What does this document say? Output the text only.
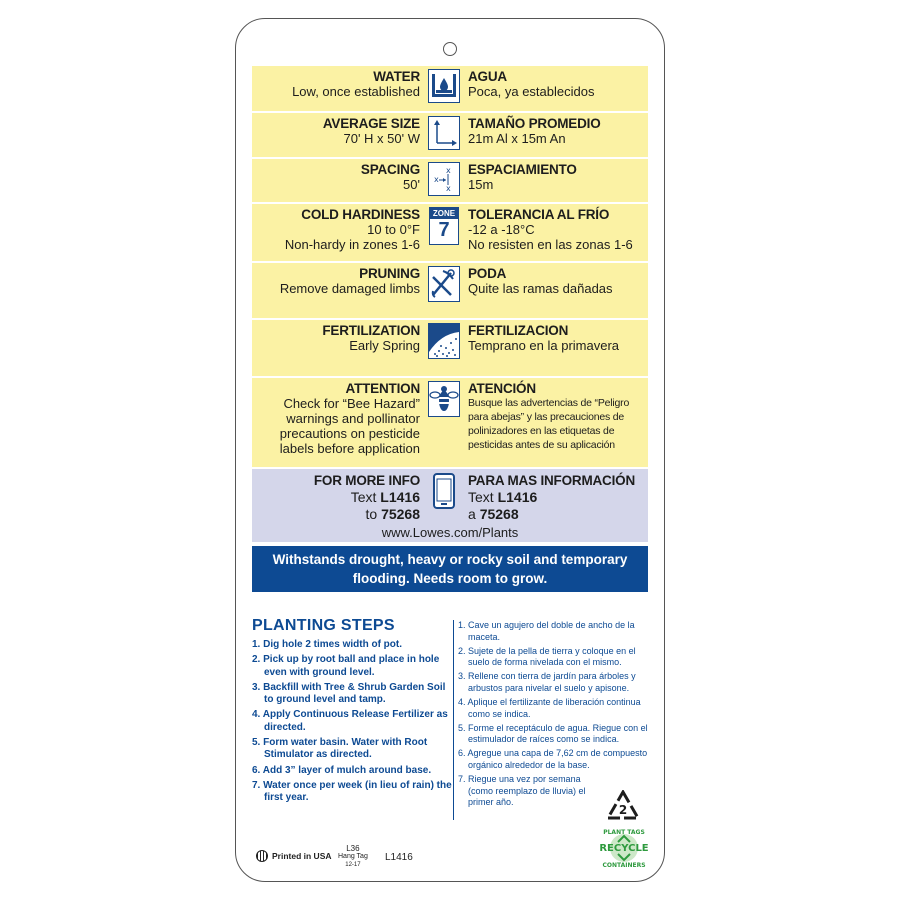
WATER
Low, once established
AGUA
Poca, ya establecidos
AVERAGE SIZE
70' H x 50' W
TAMAÑO PROMEDIO
21m Al x 15m An
SPACING
50'
x
x
x
ESPACIAMIENTO
15m
COLD HARDINESS
10 to 0°F
Non-hardy in zones 1-6
ZONE
7
TOLERANCIA AL FRÍO
-12 a -18°C
No resisten en las zonas 1-6
PRUNING
Remove damaged limbs
PODA
Quite las ramas dañadas
FERTILIZATION
Early Spring
FERTILIZACION
Temprano en la primavera
ATTENTION
Check for “Bee Hazard”
warnings and pollinator
precautions on pesticide
labels before application
ATENCIÓN
Busque las advertencias de “Peligro
para abejas” y las precauciones de
polinizadores en las etiquetas de
pesticidas antes de su aplicación
FOR MORE INFO
Text L1416
to 75268
PARA MAS INFORMACIÓN
Text L1416
a 75268
www.Lowes.com/Plants
Withstands drought, heavy or rocky soil and temporary
flooding. Needs room to grow.
PLANTING STEPS
1. Dig hole 2 times width of pot.
2. Pick up by root ball and place in hole even with ground level.
3. Backfill with Tree & Shrub Garden Soil to ground level and tamp.
4. Apply Continuous Release Fertilizer as directed.
5. Form water basin. Water with Root Stimulator as directed.
6. Add 3” layer of mulch around base.
7. Water once per week (in lieu of rain) the first year.
1. Cave un agujero del doble de ancho de la maceta.
2. Sujete de la pella de tierra y coloque en el suelo de forma nivelada con el mismo.
3. Rellene con tierra de jardín para árboles y arbustos para nivelar el suelo y apisone.
4. Aplique el fertilizante de liberación continua como se indica.
5. Forme el receptáculo de agua. Riegue con el estimulador de raíces como se indica.
6. Agregue una capa de 7,62 cm de compuesto orgánico alrededor de la base.
7. Riegue una vez por semana (como reemplazo de lluvia) el primer año.
2
PLANT TAGS
RECYCLE
CONTAINERS
Printed in USA
L36
Hang Tag
12-17
L1416
